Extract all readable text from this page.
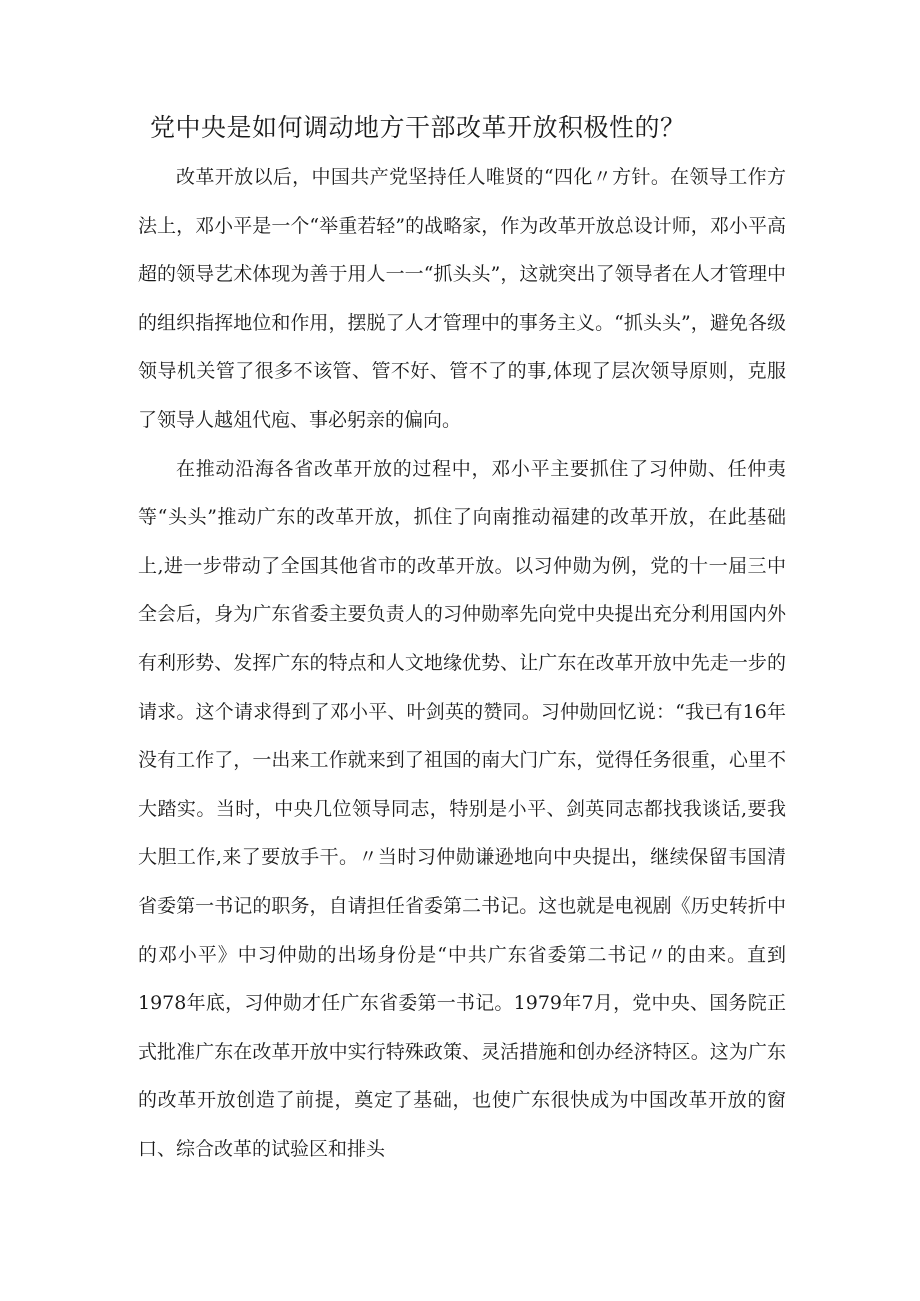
党中央是如何调动地方干部改革开放积极性的？

改革开放以后，中国共产党坚持任人唯贤的“四化〃方针。在领导工作方法上，邓小平是一个“举重若轻”的战略家，作为改革开放总设计师，邓小平高超的领导艺术体现为善于用人一一“抓头头”，这就突出了领导者在人才管理中的组织指挥地位和作用，摆脱了人才管理中的事务主义。“抓头头”，避免各级领导机关管了很多不该管、管不好、管不了的事,体现了层次领导原则，克服了领导人越俎代庖、事必躬亲的偏向。

在推动沿海各省改革开放的过程中，邓小平主要抓住了习仲勋、任仲夷等“头头”推动广东的改革开放，抓住了向南推动福建的改革开放，在此基础上,进一步带动了全国其他省市的改革开放。以习仲勋为例，党的十一届三中全会后，身为广东省委主要负责人的习仲勋率先向党中央提出充分利用国内外有利形势、发挥广东的特点和人文地缘优势、让广东在改革开放中先走一步的请求。这个请求得到了邓小平、叶剑英的赞同。习仲勋回忆说：“我已有16年没有工作了，一出来工作就来到了祖国的南大门广东，觉得任务很重，心里不大踏实。当时，中央几位领导同志，特别是小平、剑英同志都找我谈话,要我大胆工作,来了要放手干。〃当时习仲勋谦逊地向中央提出，继续保留韦国清省委第一书记的职务，自请担任省委第二书记。这也就是电视剧《历史转折中的邓小平》中习仲勋的出场身份是“中共广东省委第二书记〃的由来。直到1978年底，习仲勋才任广东省委第一书记。1979年7月，党中央、国务院正式批准广东在改革开放中实行特殊政策、灵活措施和创办经济特区。这为广东的改革开放创造了前提，奠定了基础，也使广东很快成为中国改革开放的窗口、综合改革的试验区和排头
